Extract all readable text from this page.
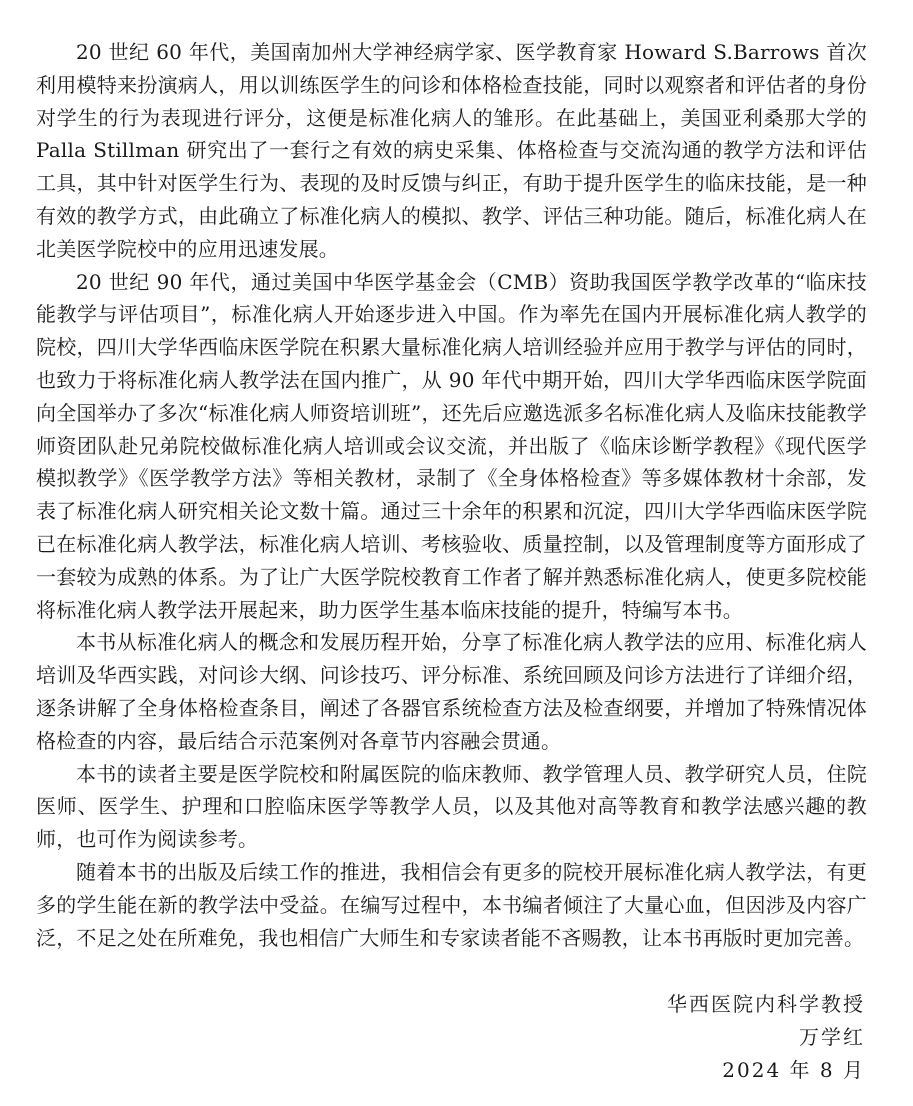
20 世纪 60 年代，美国南加州大学神经病学家、医学教育家 Howard S.Barrows 首次利用模特来扮演病人，用以训练医学生的问诊和体格检查技能，同时以观察者和评估者的身份对学生的行为表现进行评分，这便是标准化病人的雏形。在此基础上，美国亚利桑那大学的 Palla Stillman 研究出了一套行之有效的病史采集、体格检查与交流沟通的教学方法和评估工具，其中针对医学生行为、表现的及时反馈与纠正，有助于提升医学生的临床技能，是一种有效的教学方式，由此确立了标准化病人的模拟、教学、评估三种功能。随后，标准化病人在北美医学院校中的应用迅速发展。

20 世纪 90 年代，通过美国中华医学基金会（CMB）资助我国医学教学改革的“临床技能教学与评估项目”，标准化病人开始逐步进入中国。作为率先在国内开展标准化病人教学的院校，四川大学华西临床医学院在积累大量标准化病人培训经验并应用于教学与评估的同时，也致力于将标准化病人教学法在国内推广，从 90 年代中期开始，四川大学华西临床医学院面向全国举办了多次“标准化病人师资培训班”，还先后应邀选派多名标准化病人及临床技能教学师资团队赴兄弟院校做标准化病人培训或会议交流，并出版了《临床诊断学教程》《现代医学模拟教学》《医学教学方法》等相关教材，录制了《全身体格检查》等多媒体教材十余部，发表了标准化病人研究相关论文数十篇。通过三十余年的积累和沉淀，四川大学华西临床医学院已在标准化病人教学法，标准化病人培训、考核验收、质量控制，以及管理制度等方面形成了一套较为成熟的体系。为了让广大医学院校教育工作者了解并熟悉标准化病人，使更多院校能将标准化病人教学法开展起来，助力医学生基本临床技能的提升，特编写本书。

本书从标准化病人的概念和发展历程开始，分享了标准化病人教学法的应用、标准化病人培训及华西实践，对问诊大纲、问诊技巧、评分标准、系统回顾及问诊方法进行了详细介绍，逐条讲解了全身体格检查条目，阐述了各器官系统检查方法及检查纲要，并增加了特殊情况体格检查的内容，最后结合示范案例对各章节内容融会贯通。

本书的读者主要是医学院校和附属医院的临床教师、教学管理人员、教学研究人员，住院医师、医学生、护理和口腔临床医学等教学人员，以及其他对高等教育和教学法感兴趣的教师，也可作为阅读参考。

随着本书的出版及后续工作的推进，我相信会有更多的院校开展标准化病人教学法，有更多的学生能在新的教学法中受益。在编写过程中，本书编者倾注了大量心血，但因涉及内容广泛，不足之处在所难免，我也相信广大师生和专家读者能不吝赐教，让本书再版时更加完善。

华西医院内科学教授
万学红
2024 年 8 月
